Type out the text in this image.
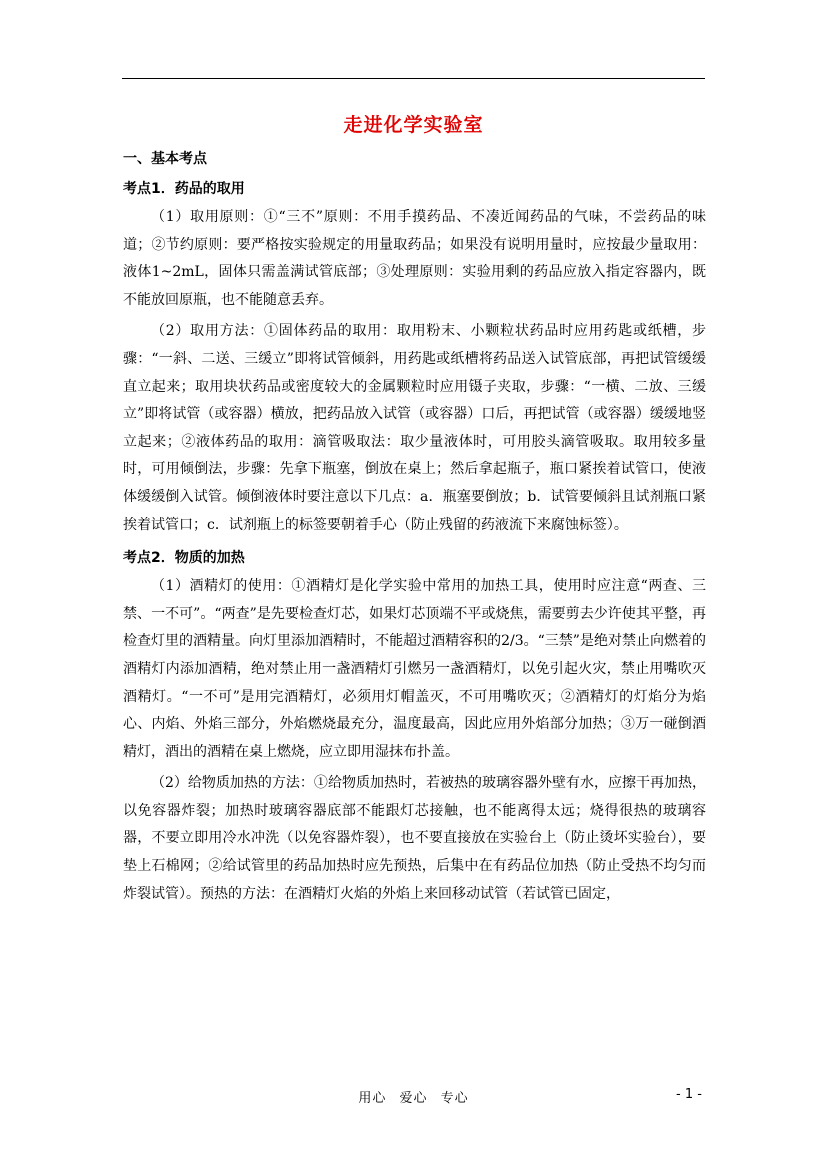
走进化学实验室
一、基本考点
考点1．药品的取用

（1）取用原则：①“三不”原则：不用手摸药品、不凑近闻药品的气味，不尝药品的味道；②节约原则：要严格按实验规定的用量取药品；如果没有说明用量时，应按最少量取用：液体1~2mL，固体只需盖满试管底部；③处理原则：实验用剩的药品应放入指定容器内，既不能放回原瓶，也不能随意丢弃。

（2）取用方法：①固体药品的取用：取用粉末、小颗粒状药品时应用药匙或纸槽，步骤：“一斜、二送、三缓立”即将试管倾斜，用药匙或纸槽将药品送入试管底部，再把试管缓缓直立起来；取用块状药品或密度较大的金属颗粒时应用镊子夹取，步骤：“一横、二放、三缓立”即将试管（或容器）横放，把药品放入试管（或容器）口后，再把试管（或容器）缓缓地竖立起来；②液体药品的取用：滴管吸取法：取少量液体时，可用胶头滴管吸取。取用较多量时，可用倾倒法，步骤：先拿下瓶塞，倒放在桌上；然后拿起瓶子，瓶口紧挨着试管口，使液体缓缓倒入试管。倾倒液体时要注意以下几点：a．瓶塞要倒放；b．试管要倾斜且试剂瓶口紧挨着试管口；c．试剂瓶上的标签要朝着手心（防止残留的药液流下来腐蚀标签）。

考点2．物质的加热

（1）酒精灯的使用：①酒精灯是化学实验中常用的加热工具，使用时应注意“两查、三禁、一不可”。“两查”是先要检查灯芯，如果灯芯顶端不平或烧焦，需要剪去少许使其平整，再检查灯里的酒精量。向灯里添加酒精时，不能超过酒精容积的2/3。“三禁”是绝对禁止向燃着的酒精灯内添加酒精，绝对禁止用一盏酒精灯引燃另一盏酒精灯，以免引起火灾，禁止用嘴吹灭酒精灯。“一不可”是用完酒精灯，必须用灯帽盖灭，不可用嘴吹灭；②酒精灯的灯焰分为焰心、内焰、外焰三部分，外焰燃烧最充分，温度最高，因此应用外焰部分加热；③万一碰倒酒精灯，酒出的酒精在桌上燃烧，应立即用湿抹布扑盖。

（2）给物质加热的方法：①给物质加热时，若被热的玻璃容器外壁有水，应擦干再加热，以免容器炸裂；加热时玻璃容器底部不能跟灯芯接触，也不能离得太远；烧得很热的玻璃容器，不要立即用冷水冲洗（以免容器炸裂），也不要直接放在实验台上（防止烫坏实验台），要垫上石棉网；②给试管里的药品加热时应先预热，后集中在有药品位加热（防止受热不均匀而炸裂试管）。预热的方法：在酒精灯火焰的外焰上来回移动试管（若试管已固定，

用心 爱心 专心	- 1 -
